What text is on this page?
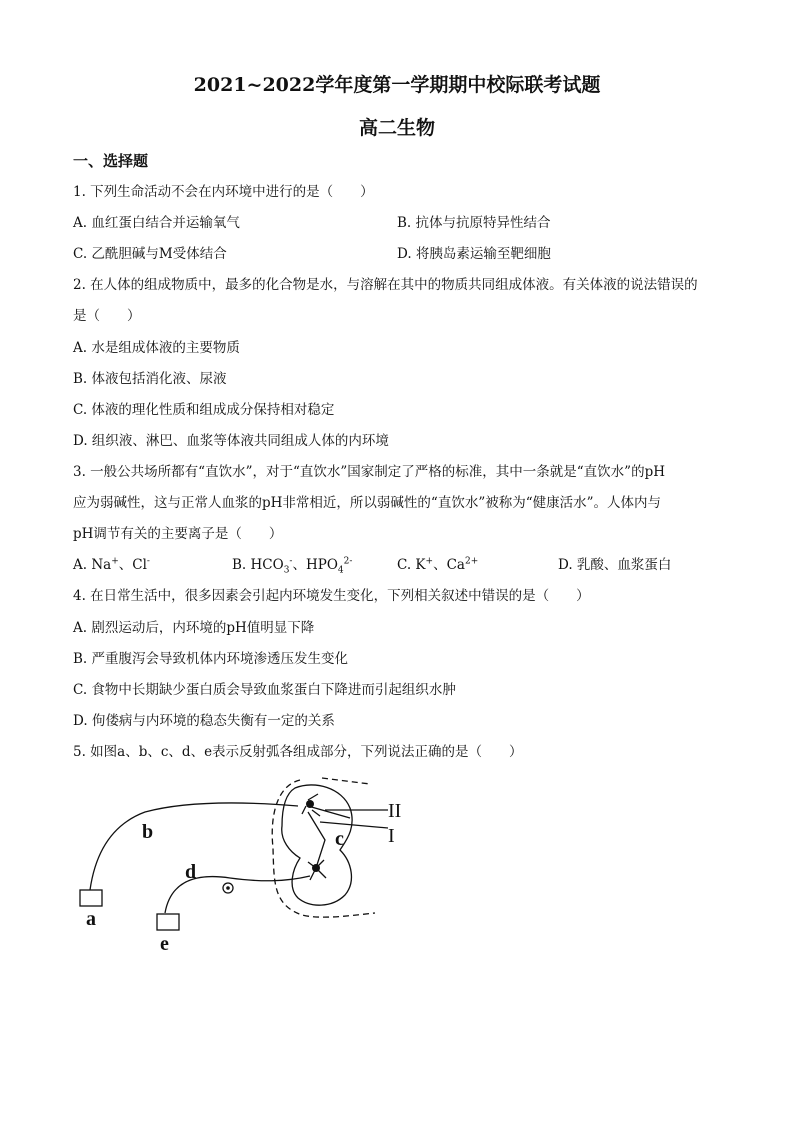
2021~2022学年度第一学期期中校际联考试题
高二生物
一、选择题
1. 下列生命活动不会在内环境中进行的是（　　）
A. 血红蛋白结合并运输氧气	B. 抗体与抗原特异性结合
C. 乙酰胆碱与M受体结合	D. 将胰岛素运输至靶细胞
2. 在人体的组成物质中，最多的化合物是水，与溶解在其中的物质共同组成体液。有关体液的说法错误的
是（　　）
A. 水是组成体液的主要物质
B. 体液包括消化液、尿液
C. 体液的理化性质和组成成分保持相对稳定
D. 组织液、淋巴、血浆等体液共同组成人体的内环境
3. 一般公共场所都有“直饮水”，对于“直饮水”国家制定了严格的标准，其中一条就是“直饮水”的pH
应为弱碱性，这与正常人血浆的pH非常相近，所以弱碱性的“直饮水”被称为“健康活水”。人体内与
pH调节有关的主要离子是（　　）
A. Na+、Cl-	B. $HCO_3^-$、$HPO_4^{2-}$	C. K+、$Ca^{2+}$	D. 乳酸、血浆蛋白
4. 在日常生活中，很多因素会引起内环境发生变化，下列相关叙述中错误的是（　　）
A. 剧烈运动后，内环境的pH值明显下降
B. 严重腹泻会导致机体内环境渗透压发生变化
C. 食物中长期缺少蛋白质会导致血浆蛋白下降进而引起组织水肿
D. 佝偻病与内环境的稳态失衡有一定的关系
5. 如图a、b、c、d、e表示反射弧各组成部分，下列说法正确的是（　　）
b	c
d
a
e
II
I
